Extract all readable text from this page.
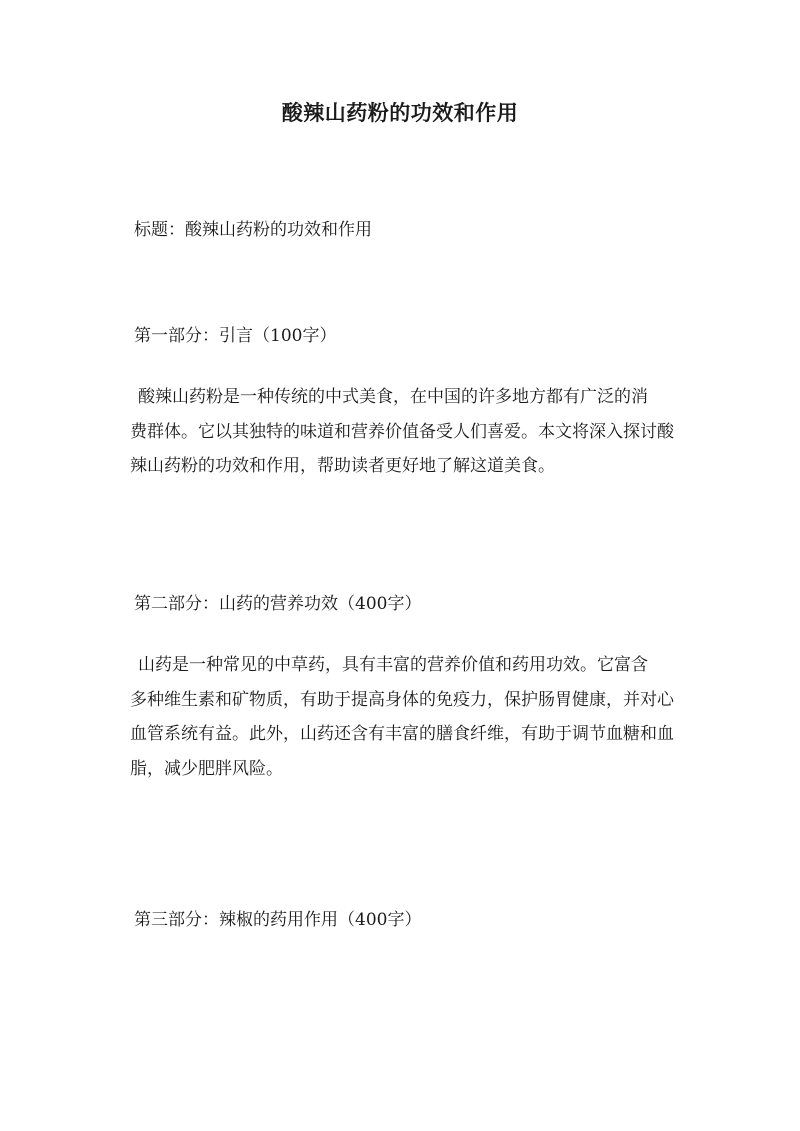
酸辣山药粉的功效和作用
标题：酸辣山药粉的功效和作用
第一部分：引言（100字）
酸辣山药粉是一种传统的中式美食，在中国的许多地方都有广泛的消
费群体。它以其独特的味道和营养价值备受人们喜爱。本文将深入探讨酸
辣山药粉的功效和作用，帮助读者更好地了解这道美食。
第二部分：山药的营养功效（400字）
山药是一种常见的中草药，具有丰富的营养价值和药用功效。它富含
多种维生素和矿物质，有助于提高身体的免疫力，保护肠胃健康，并对心
血管系统有益。此外，山药还含有丰富的膳食纤维，有助于调节血糖和血
脂，减少肥胖风险。
第三部分：辣椒的药用作用（400字）
